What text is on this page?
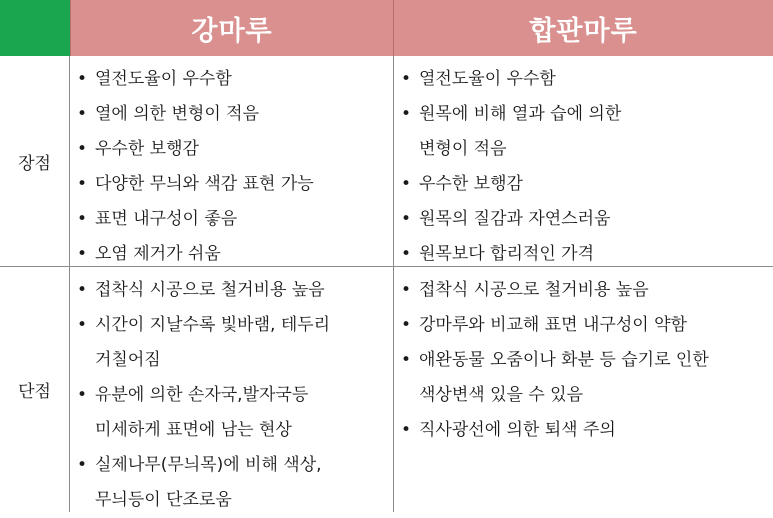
강마루	합판마루
장점
• 열전도율이 우수함
• 열에 의한 변형이 적음
• 우수한 보행감
• 다양한 무늬와 색감 표현 가능
• 표면 내구성이 좋음
• 오염 제거가 쉬움
• 열전도율이 우수함
• 원목에 비해 열과 습에 의한
변형이 적음
• 우수한 보행감
• 원목의 질감과 자연스러움
• 원목보다 합리적인 가격
단점
• 접착식 시공으로 철거비용 높음
• 시간이 지날수록 빛바램, 테두리
거칠어짐
• 유분에 의한 손자국,발자국등
미세하게 표면에 남는 현상
• 실제나무(무늬목)에 비해 색상,
무늬등이 단조로움
• 접착식 시공으로 철거비용 높음
• 강마루와 비교해 표면 내구성이 약함
• 애완동물 오줌이나 화분 등 습기로 인한
색상변색 있을 수 있음
• 직사광선에 의한 퇴색 주의
